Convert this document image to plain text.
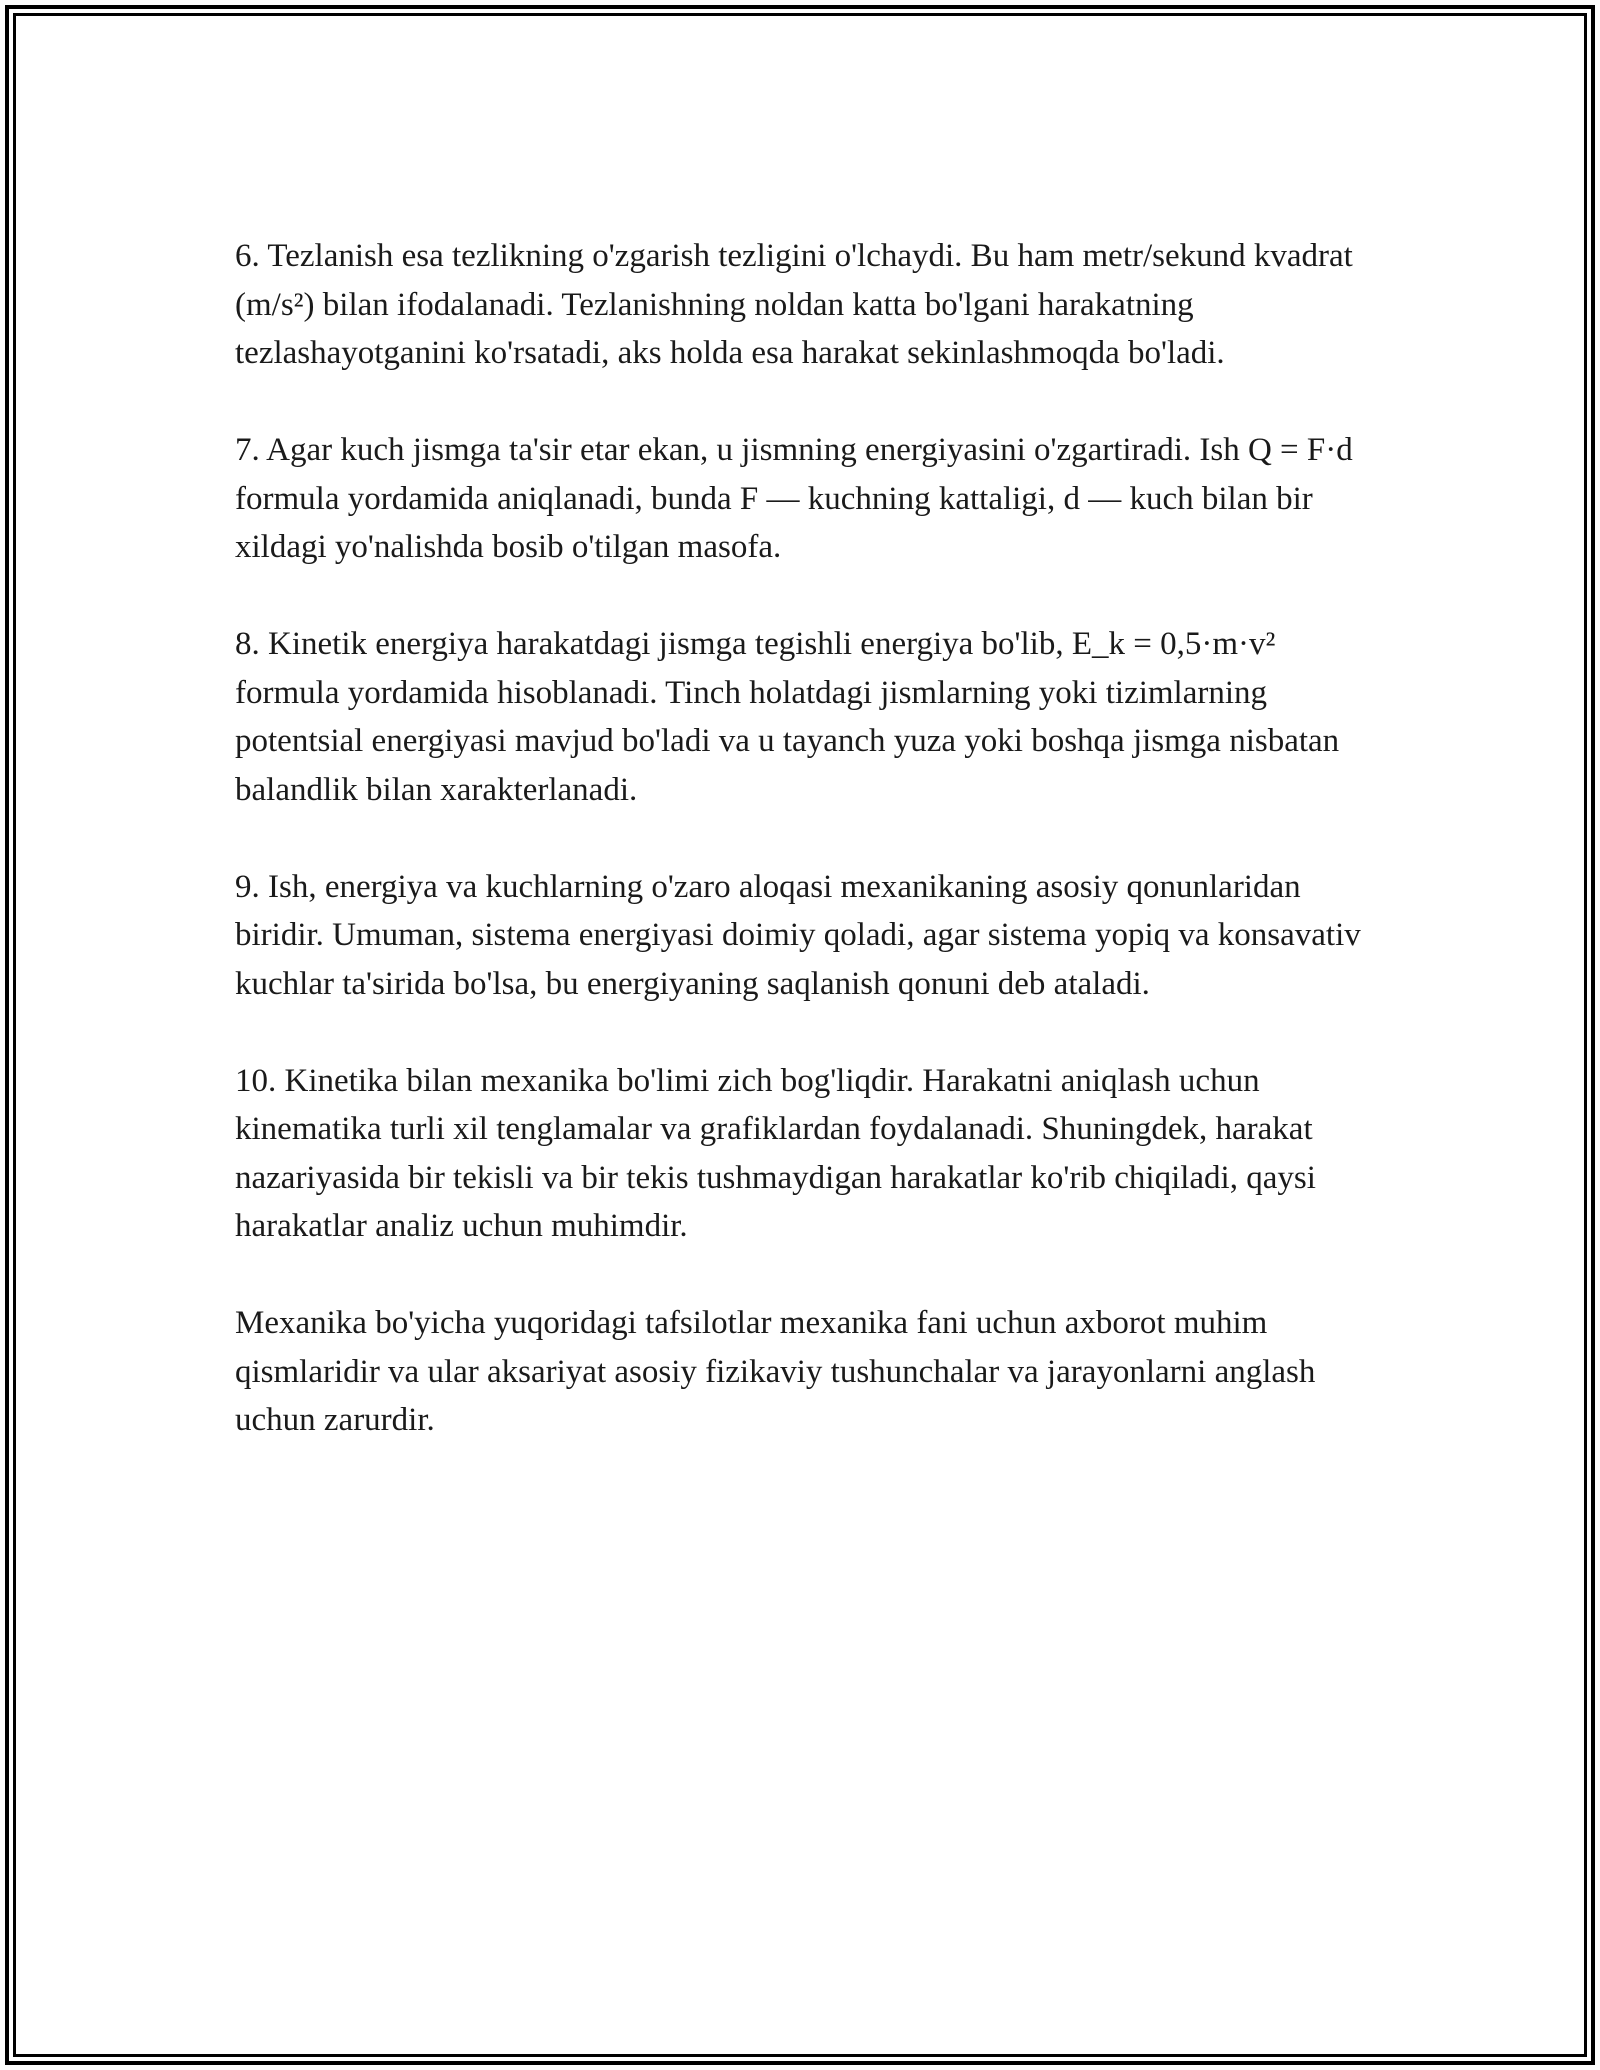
6. Tezlanish esa tezlikning o'zgarish tezligini o'lchaydi. Bu ham metr/sekund kvadrat (m/s²) bilan ifodalanadi. Tezlanishning noldan katta bo'lgani harakatning tezlashayotganini ko'rsatadi, aks holda esa harakat sekinlashmoqda bo'ladi.

7. Agar kuch jismga ta'sir etar ekan, u jismning energiyasini o'zgartiradi. Ish Q = F·d formula yordamida aniqlanadi, bunda F — kuchning kattaligi, d — kuch bilan bir xildagi yo'nalishda bosib o'tilgan masofa.

8. Kinetik energiya harakatdagi jismga tegishli energiya bo'lib, E_k = 0,5·m·v² formula yordamida hisoblanadi. Tinch holatdagi jismlarning yoki tizimlarning potentsial energiyasi mavjud bo'ladi va u tayanch yuza yoki boshqa jismga nisbatan balandlik bilan xarakterlanadi.

9. Ish, energiya va kuchlarning o'zaro aloqasi mexanikaning asosiy qonunlaridan biridir. Umuman, sistema energiyasi doimiy qoladi, agar sistema yopiq va konsavativ kuchlar ta'sirida bo'lsa, bu energiyaning saqlanish qonuni deb ataladi.

10. Kinetika bilan mexanika bo'limi zich bog'liqdir. Harakatni aniqlash uchun kinematika turli xil tenglamalar va grafiklardan foydalanadi. Shuningdek, harakat nazariyasida bir tekisli va bir tekis tushmaydigan harakatlar ko'rib chiqiladi, qaysi harakatlar analiz uchun muhimdir.

Mexanika bo'yicha yuqoridagi tafsilotlar mexanika fani uchun axborot muhim qismlaridir va ular aksariyat asosiy fizikaviy tushunchalar va jarayonlarni anglash uchun zarurdir.
